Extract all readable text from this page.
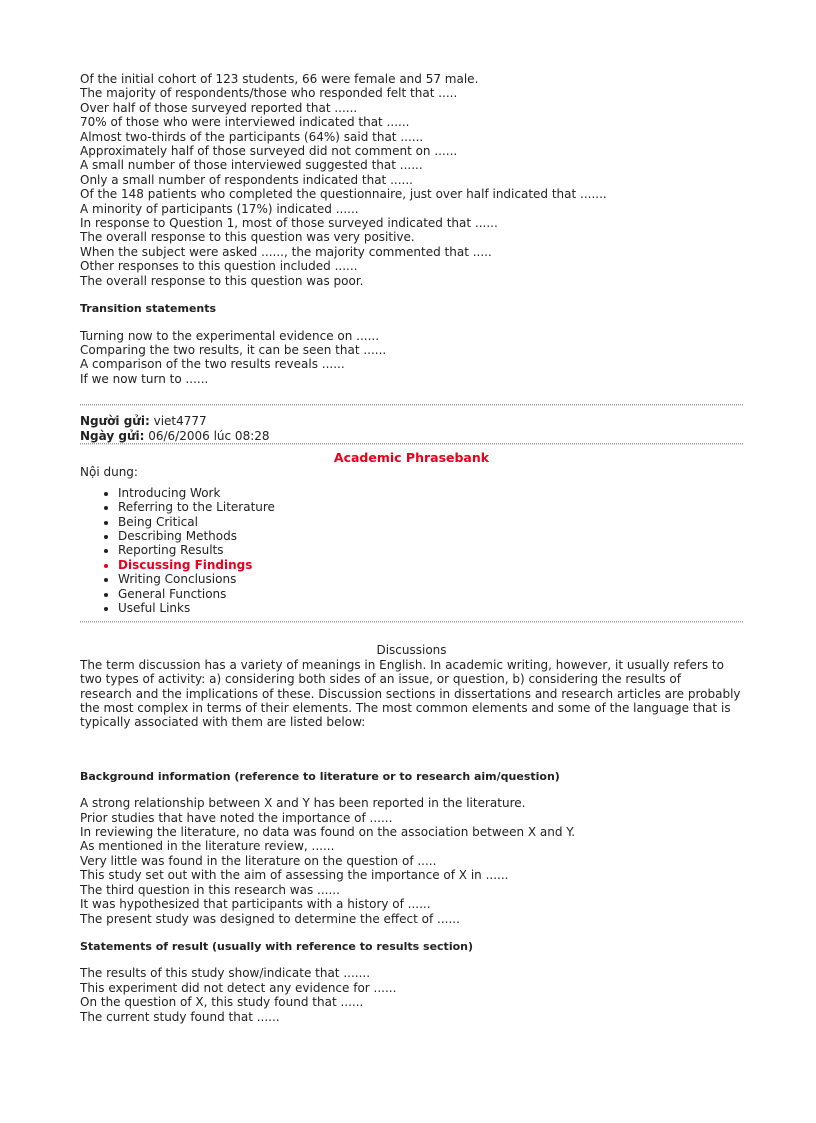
Of the initial cohort of 123 students, 66 were female and 57 male.
The majority of respondents/those who responded felt that .....
Over half of those surveyed reported that ......
70% of those who were interviewed indicated that ......
Almost two-thirds of the participants (64%) said that ......
Approximately half of those surveyed did not comment on ......
A small number of those interviewed suggested that ......
Only a small number of respondents indicated that ......
Of the 148 patients who completed the questionnaire, just over half indicated that .......
A minority of participants (17%) indicated ......
In response to Question 1, most of those surveyed indicated that ......
The overall response to this question was very positive.
When the subject were asked ......, the majority commented that .....
Other responses to this question included ......
The overall response to this question was poor.
Transition statements
Turning now to the experimental evidence on ......
Comparing the two results, it can be seen that ......
A comparison of the two results reveals ......
If we now turn to ......
Người gửi: viet4777
Ngày gửi: 06/6/2006 lúc 08:28
Academic Phrasebank
Nội dung:
• Introducing Work
• Referring to the Literature
• Being Critical
• Describing Methods
• Reporting Results
• Discussing Findings
• Writing Conclusions
• General Functions
• Useful Links
Discussions
The term discussion has a variety of meanings in English. In academic writing, however, it usually refers to
two types of activity: a) considering both sides of an issue, or question, b) considering the results of
research and the implications of these. Discussion sections in dissertations and research articles are probably
the most complex in terms of their elements. The most common elements and some of the language that is
typically associated with them are listed below:
Background information (reference to literature or to research aim/question)
A strong relationship between X and Y has been reported in the literature.
Prior studies that have noted the importance of ......
In reviewing the literature, no data was found on the association between X and Y.
As mentioned in the literature review, ......
Very little was found in the literature on the question of .....
This study set out with the aim of assessing the importance of X in ......
The third question in this research was ......
It was hypothesized that participants with a history of ......
The present study was designed to determine the effect of ......
Statements of result (usually with reference to results section)
The results of this study show/indicate that .......
This experiment did not detect any evidence for ......
On the question of X, this study found that ......
The current study found that ......
